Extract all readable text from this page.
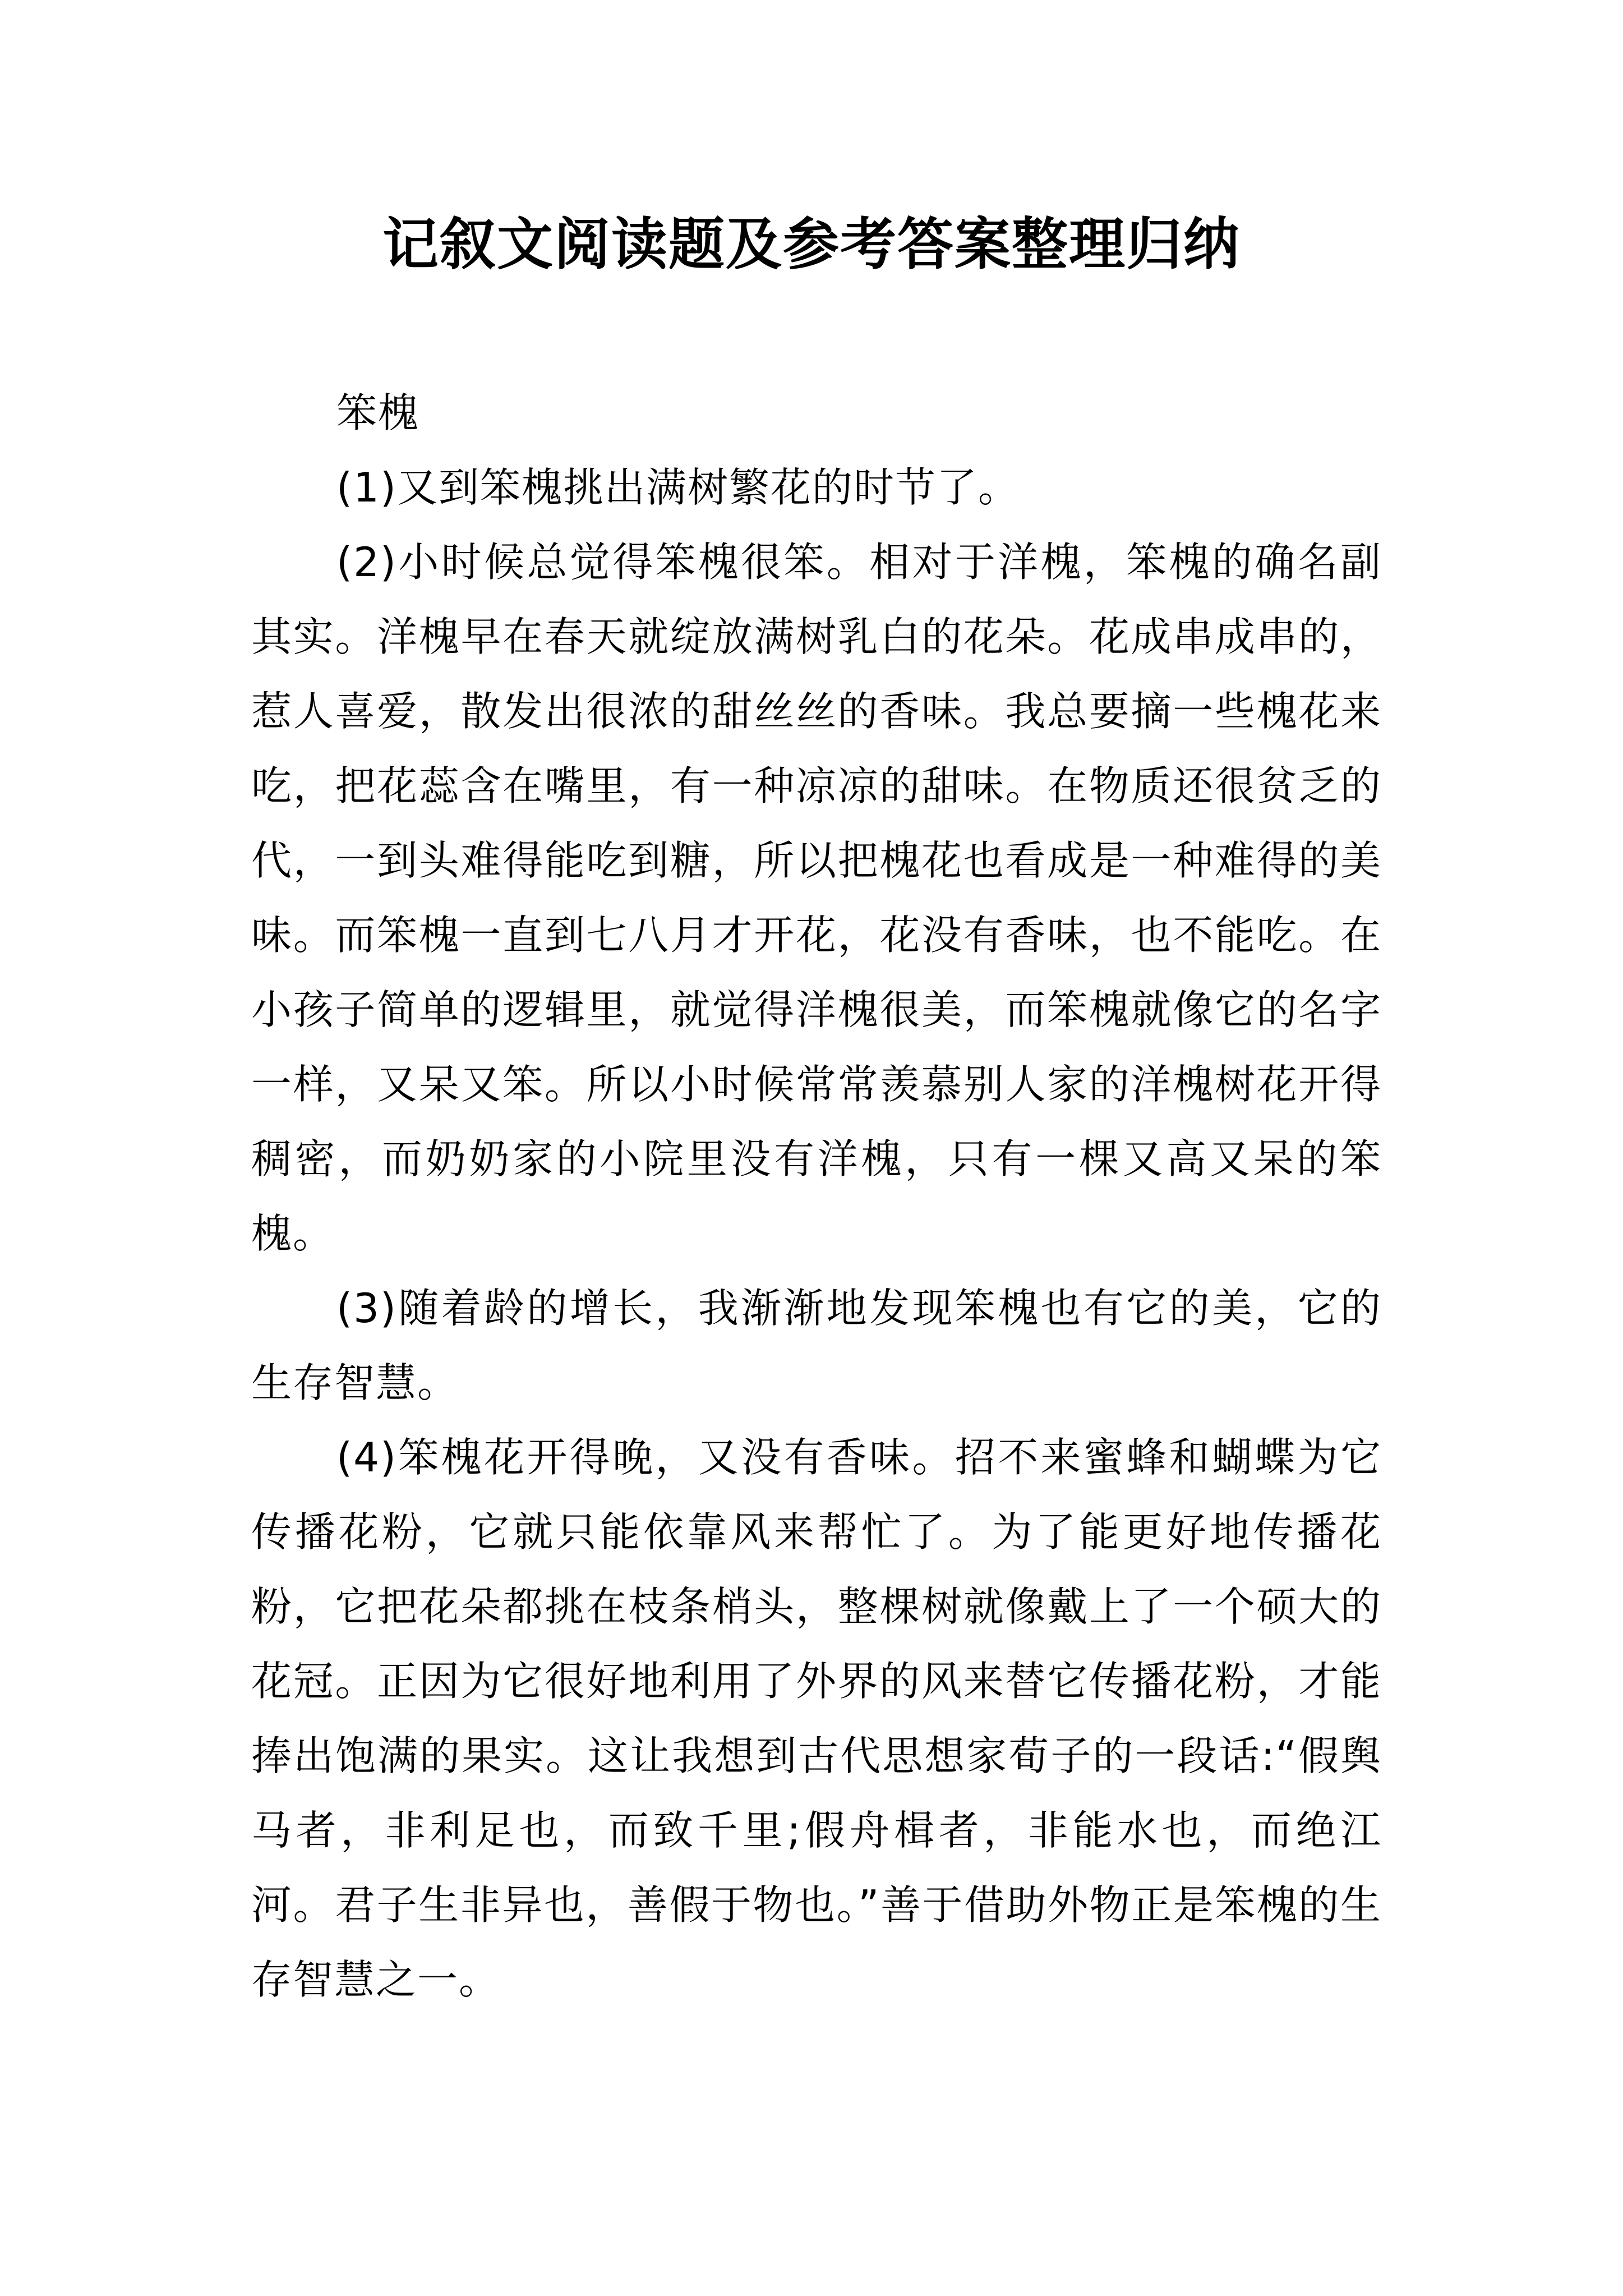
记叙文阅读题及参考答案整理归纳

笨槐

(1)又到笨槐挑出满树繁花的时节了。

(2)小时候总觉得笨槐很笨。相对于洋槐，笨槐的确名副其实。洋槐早在春天就绽放满树乳白的花朵。花成串成串的，惹人喜爱，散发出很浓的甜丝丝的香味。我总要摘一些槐花来吃，把花蕊含在嘴里，有一种凉凉的甜味。在物质还很贫乏的代，一到头难得能吃到糖，所以把槐花也看成是一种难得的美味。而笨槐一直到七八月才开花，花没有香味，也不能吃。在小孩子简单的逻辑里，就觉得洋槐很美，而笨槐就像它的名字一样，又呆又笨。所以小时候常常羡慕别人家的洋槐树花开得稠密，而奶奶家的小院里没有洋槐，只有一棵又高又呆的笨槐。

(3)随着龄的增长，我渐渐地发现笨槐也有它的美，它的生存智慧。

(4)笨槐花开得晚，又没有香味。招不来蜜蜂和蝴蝶为它传播花粉，它就只能依靠风来帮忙了。为了能更好地传播花粉，它把花朵都挑在枝条梢头，整棵树就像戴上了一个硕大的花冠。正因为它很好地利用了外界的风来替它传播花粉，才能捧出饱满的果实。这让我想到古代思想家荀子的一段话:“假舆马者，非利足也，而致千里;假舟楫者，非能水也，而绝江河。君子生非异也，善假于物也。”善于借助外物正是笨槐的生存智慧之一。
